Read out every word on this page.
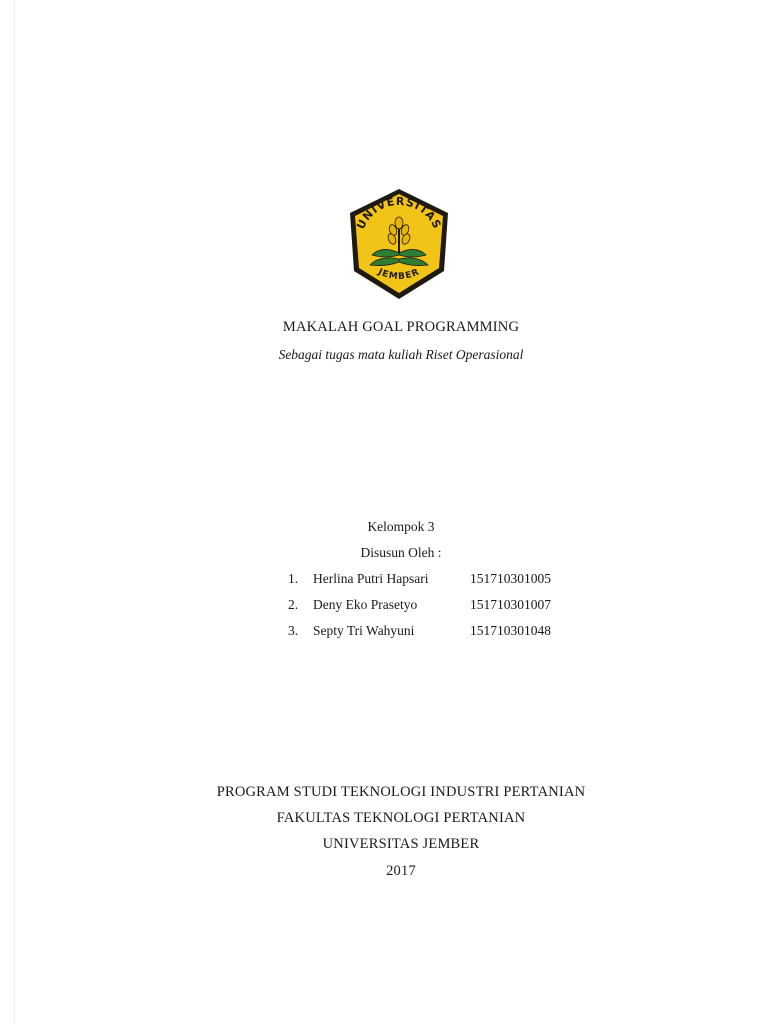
UNIVERSITAS
JEMBER
MAKALAH GOAL PROGRAMMING
Sebagai tugas mata kuliah Riset Operasional
Kelompok 3
Disusun Oleh :
1. Herlina Putri Hapsari	151710301005
2. Deny Eko Prasetyo	151710301007
3. Septy Tri Wahyuni	151710301048
PROGRAM STUDI TEKNOLOGI INDUSTRI PERTANIAN
FAKULTAS TEKNOLOGI PERTANIAN
UNIVERSITAS JEMBER
2017
